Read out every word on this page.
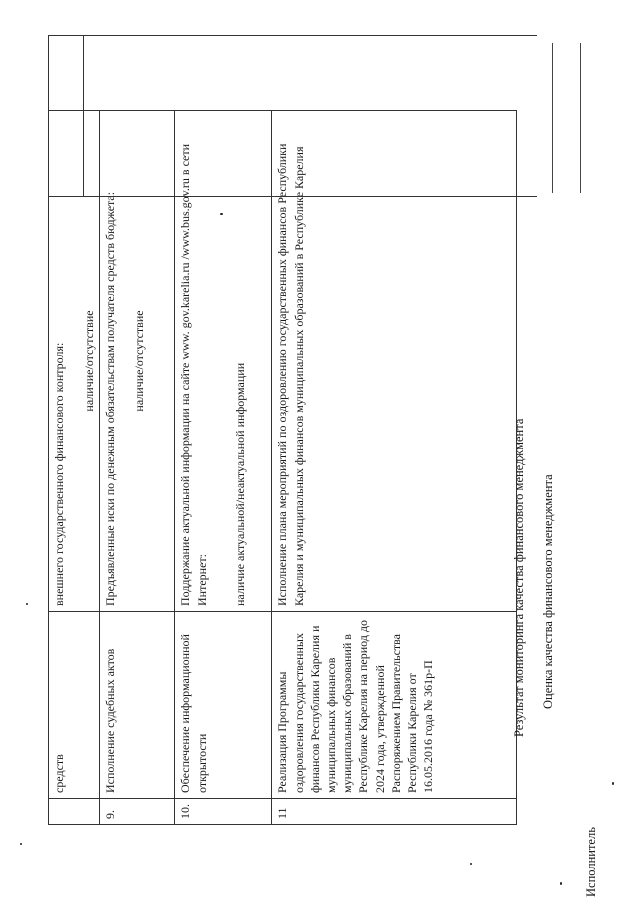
	средств	внешнего государственного финансового контроля: наличие/отсутствие

9.	Исполнение судебных актов	Предъявленные иски по денежным обязательствам получателя средств бюджета: наличие/отсутствие

10.	Обеспечение информационной открытости	Поддержание актуальной информации на сайте www. gov.karelia.ru /www.bus.gov.ru в сети Интернет: наличие актуальной/неактуальной информации
11	Реализация Программы оздоровления государственных финансов Республики Карелия и муниципальных финансов муниципальных образований в Республике Карелия на период до 2024 года, утвержденной Распоряжением Правительства Республики Карелия от 16.05.2016 года № 361р-П	Исполнение плана мероприятий по оздоровлению государственных финансов Республики Карелия и муниципальных финансов муниципальных образований в Республике Карелия	Результат мониторинга качества финансового менеджмента Оценка качества финансового менеджмента
Исполнитель
